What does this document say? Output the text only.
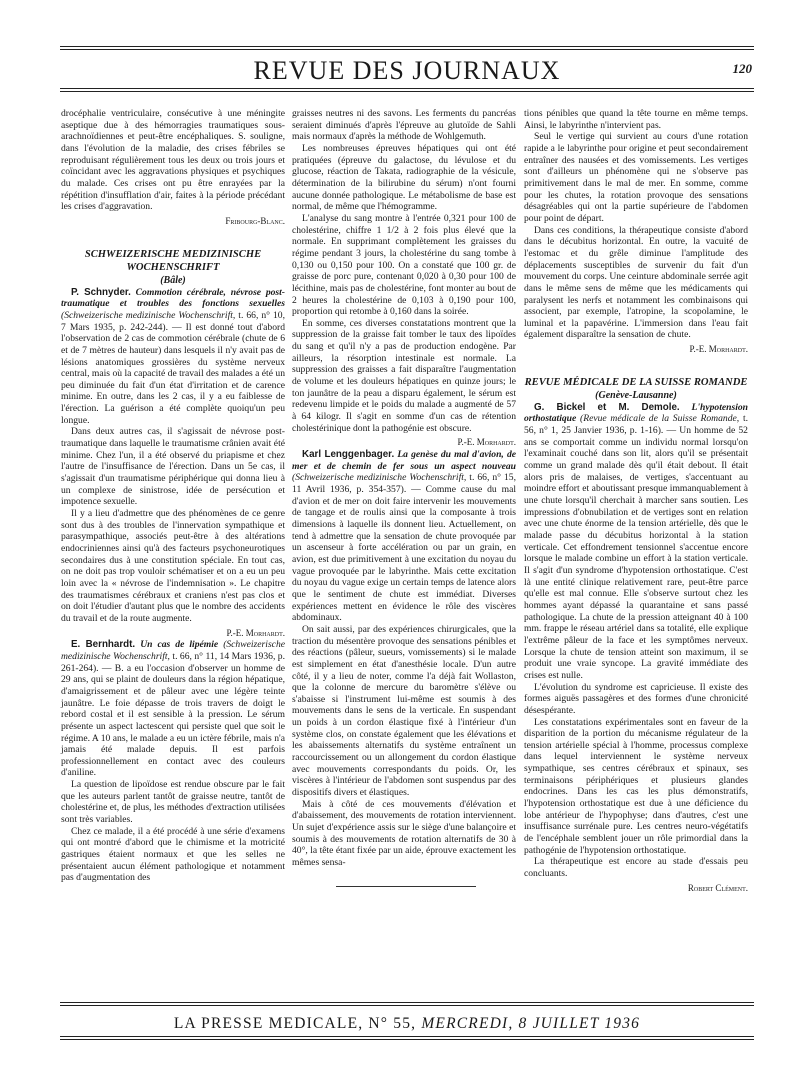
REVUE DES JOURNAUX	120

drocéphalie ventriculaire, consécutive à une méningite aseptique due à des hémorragies traumatiques sous-arachnoïdiennes et peut-être encéphaliques. S. souligne, dans l'évolution de la maladie, des crises fébriles se reproduisant régulièrement tous les deux ou trois jours et coïncidant avec les aggravations physiques et psychiques du malade. Ces crises ont pu être enrayées par la répétition d'insufflation d'air, faites à la période précédant les crises d'aggravation.

Fribourg-Blanc.
SCHWEIZERISCHE MEDIZINISCHE WOCHENSCHRIFT
(Bâle)

P. Schnyder. Commotion cérébrale, névrose post-traumatique et troubles des fonctions sexuelles (Schweizerische medizinische Wochenschrift, t. 66, n° 10, 7 Mars 1935, p. 242-244). — Il est donné tout d'abord l'observation de 2 cas de commotion cérébrale (chute de 6 et de 7 mètres de hauteur) dans lesquels il n'y avait pas de lésions anatomiques grossières du système nerveux central, mais où la capacité de travail des malades a été un peu diminuée du fait d'un état d'irritation et de carence minime. En outre, dans les 2 cas, il y a eu faiblesse de l'érection. La guérison a été complète quoiqu'un peu longue.

Dans deux autres cas, il s'agissait de névrose post-traumatique dans laquelle le traumatisme crânien avait été minime. Chez l'un, il a été observé du priapisme et chez l'autre de l'insuffisance de l'érection. Dans un 5e cas, il s'agissait d'un traumatisme périphérique qui donna lieu à un complexe de sinistrose, idée de persécution et impotence sexuelle.

Il y a lieu d'admettre que des phénomènes de ce genre sont dus à des troubles de l'innervation sympathique et parasympathique, associés peut-être à des altérations endocriniennes ainsi qu'à des facteurs psychoneurotiques secondaires dus à une constitution spéciale. En tout cas, on ne doit pas trop vouloir schématiser et on a eu un peu loin avec la « névrose de l'indemnisation ». Le chapitre des traumatismes cérébraux et craniens n'est pas clos et on doit l'étudier d'autant plus que le nombre des accidents du travail et de la route augmente.

P.-E. Morhardt.

E. Bernhardt. Un cas de lipémie (Schweizerische medizinische Wochenschrift, t. 66, n° 11, 14 Mars 1936, p. 261-264). — B. a eu l'occasion d'observer un homme de 29 ans, qui se plaint de douleurs dans la région hépatique, d'amaigrissement et de pâleur avec une légère teinte jaunâtre. Le foie dépasse de trois travers de doigt le rebord costal et il est sensible à la pression. Le sérum présente un aspect lactescent qui persiste quel que soit le régime. A 10 ans, le malade a eu un ictère fébrile, mais n'a jamais été malade depuis. Il est parfois professionnellement en contact avec des couleurs d'aniline.

La question de lipoïdose est rendue obscure par le fait que les auteurs parlent tantôt de graisse neutre, tantôt de cholestérine et, de plus, les méthodes d'extraction utilisées sont très variables.

Chez ce malade, il a été procédé à une série d'examens qui ont montré d'abord que le chimisme et la motricité gastriques étaient normaux et que les selles ne présentaient aucun élément pathologique et notamment pas d'augmentation des

graisses neutres ni des savons. Les ferments du pancréas seraient diminués d'après l'épreuve au glutoïde de Sahli mais normaux d'après la méthode de Wohlgemuth.

Les nombreuses épreuves hépatiques qui ont été pratiquées (épreuve du galactose, du lévulose et du glucose, réaction de Takata, radiographie de la vésicule, détermination de la bilirubine du sérum) n'ont fourni aucune donnée pathologique. Le métabolisme de base est normal, de même que l'hémogramme.

L'analyse du sang montre à l'entrée 0,321 pour 100 de cholestérine, chiffre 1 1/2 à 2 fois plus élevé que la normale. En supprimant complètement les graisses du régime pendant 3 jours, la cholestérine du sang tombe à 0,130 ou 0,150 pour 100. On a constaté que 100 gr. de graisse de porc pure, contenant 0,020 à 0,30 pour 100 de lécithine, mais pas de cholestérine, font monter au bout de 2 heures la cholestérine de 0,103 à 0,190 pour 100, proportion qui retombe à 0,160 dans la soirée.

En somme, ces diverses constatations montrent que la suppression de la graisse fait tomber le taux des lipoïdes du sang et qu'il n'y a pas de production endogène. Par ailleurs, la résorption intestinale est normale. La suppression des graisses a fait disparaître l'augmentation de volume et les douleurs hépatiques en quinze jours; le ton jaunâtre de la peau a disparu également, le sérum est redevenu limpide et le poids du malade a augmenté de 57 à 64 kilogr. Il s'agit en somme d'un cas de rétention cholestérinique dont la pathogénie est obscure.

P.-E. Morhardt.

Karl Lenggenbager. La genèse du mal d'avion, de mer et de chemin de fer sous un aspect nouveau (Schweizerische medizinische Wochenschrift, t. 66, n° 15, 11 Avril 1936, p. 354-357). — Comme cause du mal d'avion et de mer on doit faire intervenir les mouvements de tangage et de roulis ainsi que la composante à trois dimensions à laquelle ils donnent lieu. Actuellement, on tend à admettre que la sensation de chute provoquée par un ascenseur à forte accélération ou par un grain, en avion, est due primitivement à une excitation du noyau du vague provoquée par le labyrinthe. Mais cette excitation du noyau du vague exige un certain temps de latence alors que le sentiment de chute est immédiat. Diverses expériences mettent en évidence le rôle des viscères abdominaux.

On sait aussi, par des expériences chirurgicales, que la traction du mésentère provoque des sensations pénibles et des réactions (pâleur, sueurs, vomissements) si le malade est simplement en état d'anesthésie locale. D'un autre côté, il y a lieu de noter, comme l'a déjà fait Wollaston, que la colonne de mercure du baromètre s'élève ou s'abaisse si l'instrument lui-même est soumis à des mouvements dans le sens de la verticale. En suspendant un poids à un cordon élastique fixé à l'intérieur d'un système clos, on constate également que les élévations et les abaissements alternatifs du système entraînent un raccourcissement ou un allongement du cordon élastique avec mouvements correspondants du poids. Or, les viscères à l'intérieur de l'abdomen sont suspendus par des dispositifs divers et élastiques.

Mais à côté de ces mouvements d'élévation et d'abaissement, des mouvements de rotation interviennent. Un sujet d'expérience assis sur le siège d'une balançoire et soumis à des mouvements de rotation alternatifs de 30 à 40°, la tête étant fixée par un aide, éprouve exactement les mêmes sensa-

tions pénibles que quand la tête tourne en même temps. Ainsi, le labyrinthe n'intervient pas.

Seul le vertige qui survient au cours d'une rotation rapide a le labyrinthe pour origine et peut secondairement entraîner des nausées et des vomissements. Les vertiges sont d'ailleurs un phénomène qui ne s'observe pas primitivement dans le mal de mer. En somme, comme pour les chutes, la rotation provoque des sensations désagréables qui ont la partie supérieure de l'abdomen pour point de départ.

Dans ces conditions, la thérapeutique consiste d'abord dans le décubitus horizontal. En outre, la vacuité de l'estomac et du grêle diminue l'amplitude des déplacements susceptibles de survenir du fait d'un mouvement du corps. Une ceinture abdominale serrée agit dans le même sens de même que les médicaments qui paralysent les nerfs et notamment les combinaisons qui associent, par exemple, l'atropine, la scopolamine, le luminal et la papavérine. L'immersion dans l'eau fait également disparaître la sensation de chute.

P.-E. Morhardt.
REVUE MÉDICALE DE LA SUISSE ROMANDE
(Genève-Lausanne)

G. Bickel et M. Demole. L'hypotension orthostatique (Revue médicale de la Suisse Romande, t. 56, n° 1, 25 Janvier 1936, p. 1-16). — Un homme de 52 ans se comportait comme un individu normal lorsqu'on l'examinait couché dans son lit, alors qu'il se présentait comme un grand malade dès qu'il était debout. Il était alors pris de malaises, de vertiges, s'accentuant au moindre effort et aboutissant presque immanquablement à une chute lorsqu'il cherchait à marcher sans soutien. Les impressions d'obnubilation et de vertiges sont en relation avec une chute énorme de la tension artérielle, dès que le malade passe du décubitus horizontal à la station verticale. Cet effondrement tensionnel s'accentue encore lorsque le malade combine un effort à la station verticale. Il s'agit d'un syndrome d'hypotension orthostatique. C'est là une entité clinique relativement rare, peut-être parce qu'elle est mal connue. Elle s'observe surtout chez les hommes ayant dépassé la quarantaine et sans passé pathologique. La chute de la pression atteignant 40 à 100 mm. frappe le réseau artériel dans sa totalité, elle explique l'extrême pâleur de la face et les symptômes nerveux. Lorsque la chute de tension atteint son maximum, il se produit une vraie syncope. La gravité immédiate des crises est nulle.

L'évolution du syndrome est capricieuse. Il existe des formes aiguës passagères et des formes d'une chronicité désespérante.

Les constatations expérimentales sont en faveur de la disparition de la portion du mécanisme régulateur de la tension artérielle spécial à l'homme, processus complexe dans lequel interviennent le système nerveux sympathique, ses centres cérébraux et spinaux, ses terminaisons périphériques et plusieurs glandes endocrines. Dans les cas les plus démonstratifs, l'hypotension orthostatique est due à une déficience du lobe antérieur de l'hypophyse; dans d'autres, c'est une insuffisance surrénale pure. Les centres neuro-végétatifs de l'encéphale semblent jouer un rôle primordial dans la pathogénie de l'hypotension orthostatique.

La thérapeutique est encore au stade d'essais peu concluants.

Robert Clément.
LA PRESSE MEDICALE, N° 55, MERCREDI, 8 JUILLET 1936
